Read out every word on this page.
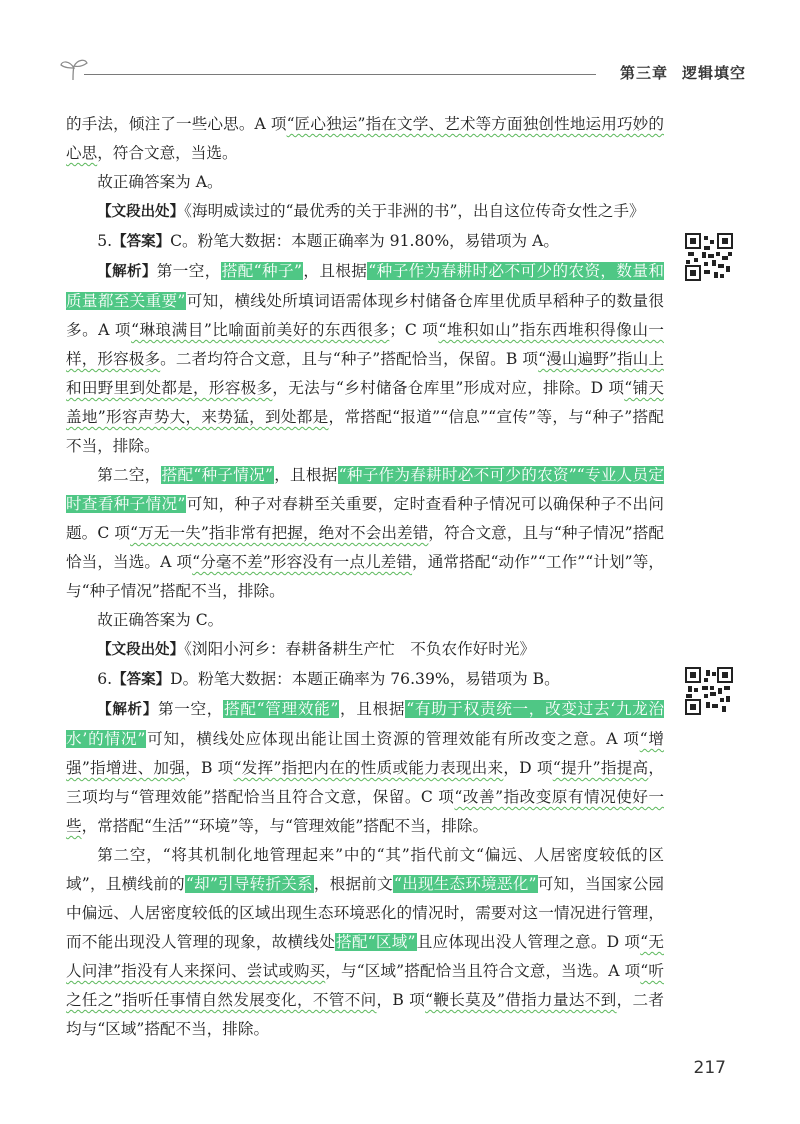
第三章 逻辑填空

的手法，倾注了一些心思。A 项“匠心独运”指在文学、艺术等方面独创性地运用巧妙的心思，符合文意，当选。

故正确答案为 A。

【文段出处】《海明威读过的“最优秀的关于非洲的书”，出自这位传奇女性之手》

5.【答案】C。粉笔大数据：本题正确率为 91.80%，易错项为 A。

【解析】第一空，搭配“种子”，且根据“种子作为春耕时必不可少的农资，数量和质量都至关重要”可知，横线处所填词语需体现乡村储备仓库里优质早稻种子的数量很多。A 项“琳琅满目”比喻面前美好的东西很多；C 项“堆积如山”指东西堆积得像山一样，形容极多。二者均符合文意，且与“种子”搭配恰当，保留。B 项“漫山遍野”指山上和田野里到处都是，形容极多，无法与“乡村储备仓库里”形成对应，排除。D 项“铺天盖地”形容声势大，来势猛，到处都是，常搭配“报道”“信息”“宣传”等，与“种子”搭配不当，排除。

第二空，搭配“种子情况”，且根据“种子作为春耕时必不可少的农资”“专业人员定时查看种子情况”可知，种子对春耕至关重要，定时查看种子情况可以确保种子不出问题。C 项“万无一失”指非常有把握，绝对不会出差错，符合文意，且与“种子情况”搭配恰当，当选。A 项“分毫不差”形容没有一点儿差错，通常搭配“动作”“工作”“计划”等，与“种子情况”搭配不当，排除。

故正确答案为 C。

【文段出处】《浏阳小河乡：春耕备耕生产忙　不负农作好时光》

6.【答案】D。粉笔大数据：本题正确率为 76.39%，易错项为 B。

【解析】第一空，搭配“管理效能”，且根据“有助于权责统一，改变过去‘九龙治水’的情况”可知，横线处应体现出能让国土资源的管理效能有所改变之意。A 项“增强”指增进、加强，B 项“发挥”指把内在的性质或能力表现出来，D 项“提升”指提高，三项均与“管理效能”搭配恰当且符合文意，保留。C 项“改善”指改变原有情况使好一些，常搭配“生活”“环境”等，与“管理效能”搭配不当，排除。

第二空，“将其机制化地管理起来”中的“其”指代前文“偏远、人居密度较低的区域”，且横线前的“却”引导转折关系，根据前文“出现生态环境恶化”可知，当国家公园中偏远、人居密度较低的区域出现生态环境恶化的情况时，需要对这一情况进行管理，而不能出现没人管理的现象，故横线处搭配“区域”且应体现出没人管理之意。D 项“无人问津”指没有人来探问、尝试或购买，与“区域”搭配恰当且符合文意，当选。A 项“听之任之”指听任事情自然发展变化，不管不问，B 项“鞭长莫及”借指力量达不到，二者均与“区域”搭配不当，排除。

217
